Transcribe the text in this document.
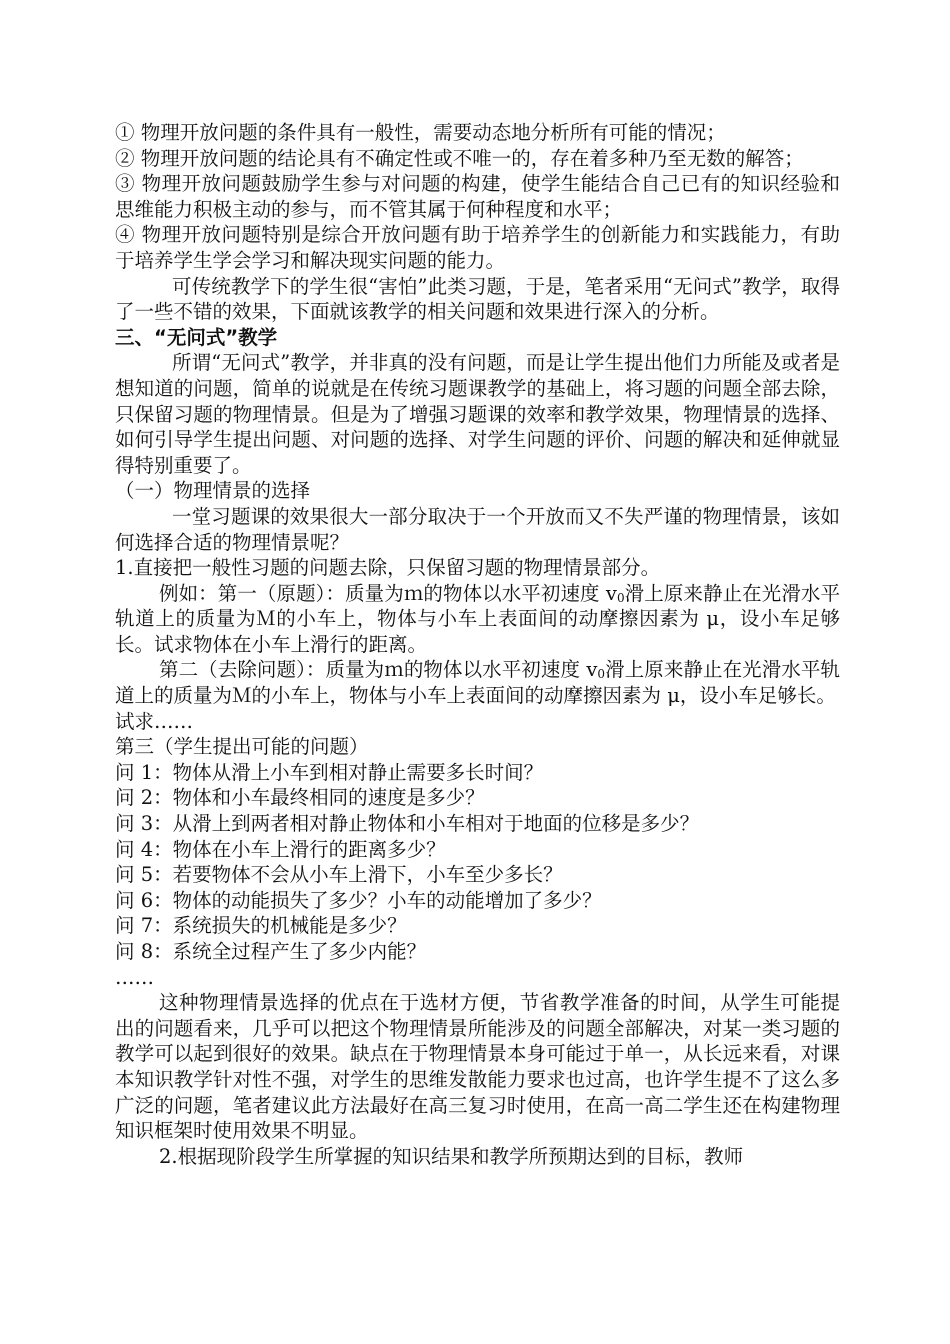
① 物理开放问题的条件具有一般性，需要动态地分析所有可能的情况；

② 物理开放问题的结论具有不确定性或不唯一的，存在着多种乃至无数的解答；

③ 物理开放问题鼓励学生参与对问题的构建，使学生能结合自己已有的知识经验和思维能力积极主动的参与，而不管其属于何种程度和水平；

④ 物理开放问题特别是综合开放问题有助于培养学生的创新能力和实践能力，有助于培养学生学会学习和解决现实问题的能力。

可传统教学下的学生很“害怕”此类习题，于是，笔者采用“无问式”教学，取得了一些不错的效果，下面就该教学的相关问题和效果进行深入的分析。

三、“无问式”教学

所谓“无问式”教学，并非真的没有问题，而是让学生提出他们力所能及或者是想知道的问题，简单的说就是在传统习题课教学的基础上，将习题的问题全部去除，只保留习题的物理情景。但是为了增强习题课的效率和教学效果，物理情景的选择、如何引导学生提出问题、对问题的选择、对学生问题的评价、问题的解决和延伸就显得特别重要了。

（一）物理情景的选择

一堂习题课的效果很大一部分取决于一个开放而又不失严谨的物理情景，该如何选择合适的物理情景呢？

1.直接把一般性习题的问题去除，只保留习题的物理情景部分。

例如：第一（原题）：质量为ｍ的物体以水平初速度 $v_0$滑上原来静止在光滑水平轨道上的质量为Ｍ的小车上，物体与小车上表面间的动摩擦因素为 μ，设小车足够长。试求物体在小车上滑行的距离。

第二（去除问题）：质量为ｍ的物体以水平初速度 $v_0$滑上原来静止在光滑水平轨道上的质量为Ｍ的小车上，物体与小车上表面间的动摩擦因素为 μ，设小车足够长。

试求……

第三（学生提出可能的问题）

问 1：物体从滑上小车到相对静止需要多长时间？

问 2：物体和小车最终相同的速度是多少？

问 3：从滑上到两者相对静止物体和小车相对于地面的位移是多少？

问 4：物体在小车上滑行的距离多少？

问 5：若要物体不会从小车上滑下，小车至少多长？

问 6：物体的动能损失了多少？小车的动能增加了多少？

问 7：系统损失的机械能是多少？

问 8：系统全过程产生了多少内能？

……

这种物理情景选择的优点在于选材方便，节省教学准备的时间，从学生可能提出的问题看来，几乎可以把这个物理情景所能涉及的问题全部解决，对某一类习题的教学可以起到很好的效果。缺点在于物理情景本身可能过于单一，从长远来看，对课本知识教学针对性不强，对学生的思维发散能力要求也过高，也许学生提不了这么多广泛的问题，笔者建议此方法最好在高三复习时使用，在高一高二学生还在构建物理知识框架时使用效果不明显。

2.根据现阶段学生所掌握的知识结果和教学所预期达到的目标，教师
